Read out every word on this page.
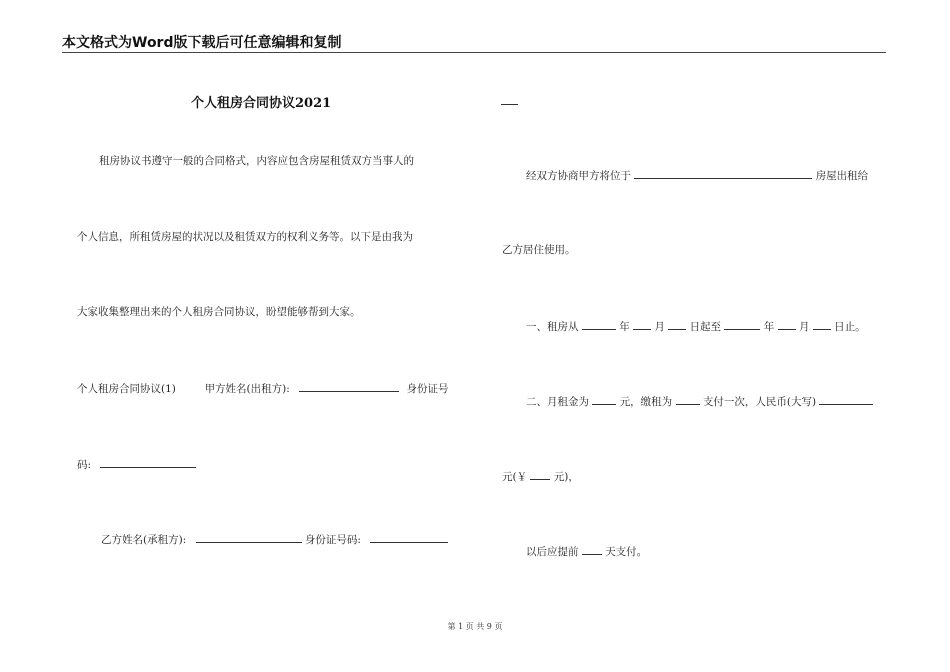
本文格式为Word版下载后可任意编辑和复制
个人租房合同协议2021
租房协议书遵守一般的合同格式，内容应包含房屋租赁双方当事人的
个人信息，所租赁房屋的状况以及租赁双方的权利义务等。以下是由我为
大家收集整理出来的个人租房合同协议，盼望能够帮到大家。
个人租房合同协议(1)	甲方姓名(出租方):	身份证号
码:
乙方姓名(承租方):	身份证号码:
经双方协商甲方将位于	房屋出租给
乙方居住使用。
一、租房从	年 月 日起至	年 月 日止。
二、月租金为	元，缴租为	支付一次，人民币(大写)
元(￥	元)，
以后应提前	天支付。
第 1 页 共 9 页
